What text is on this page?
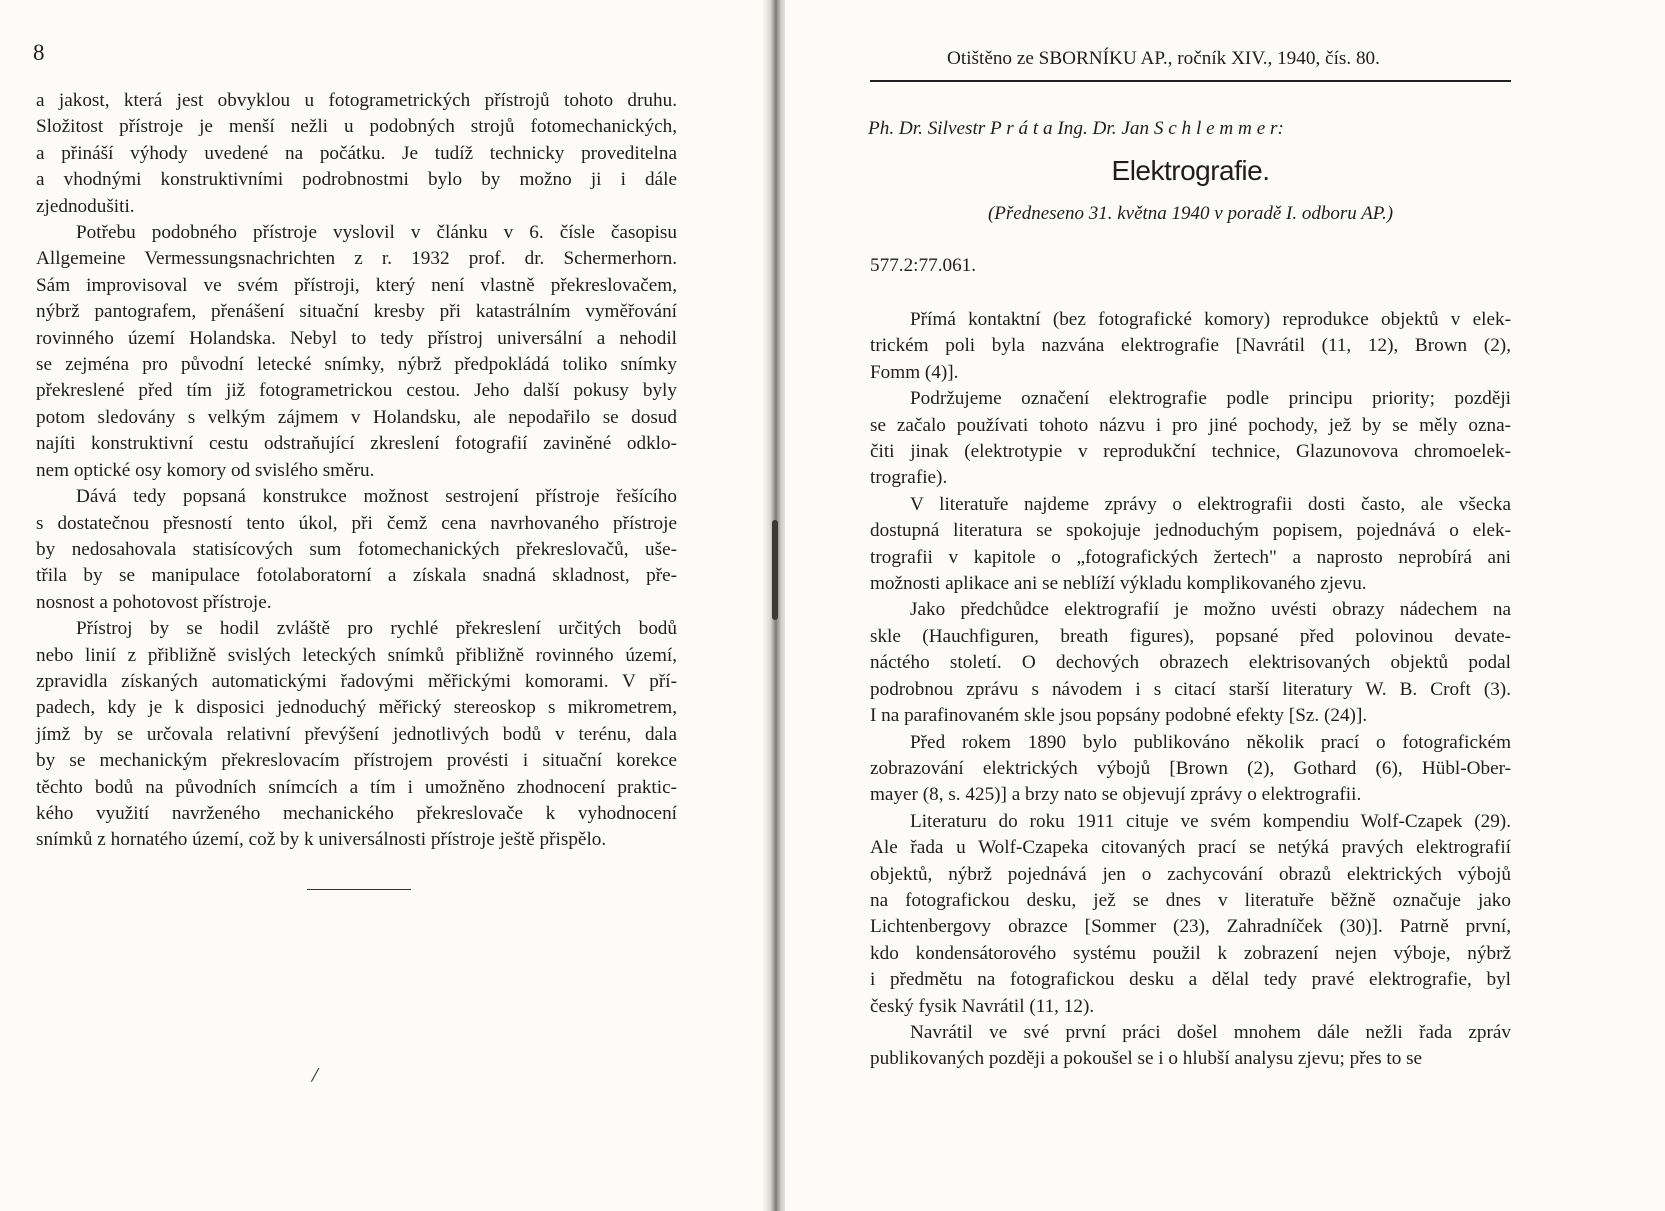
8
a jakost, která jest obvyklou u fotogrametrických přístrojů tohoto druhu.
Složitost přístroje je menší nežli u podobných strojů fotomechanických,
a přináší výhody uvedené na počátku. Je tudíž technicky proveditelna
a vhodnými konstruktivními podrobnostmi bylo by možno ji i dále
zjednodušiti.
Potřebu podobného přístroje vyslovil v článku v 6. čísle časopisu
Allgemeine Vermessungsnachrichten z r. 1932 prof. dr. Schermerhorn.
Sám improvisoval ve svém přístroji, který není vlastně překreslovačem,
nýbrž pantografem, přenášení situační kresby při katastrálním vyměřování
rovinného území Holandska. Nebyl to tedy přístroj universální a nehodil
se zejména pro původní letecké snímky, nýbrž předpokládá toliko snímky
překreslené před tím již fotogrametrickou cestou. Jeho další pokusy byly
potom sledovány s velkým zájmem v Holandsku, ale nepodařilo se dosud
najíti konstruktivní cestu odstraňující zkreslení fotografií zaviněné odklo-
nem optické osy komory od svislého směru.
Dává tedy popsaná konstrukce možnost sestrojení přístroje řešícího
s dostatečnou přesností tento úkol, při čemž cena navrhovaného přístroje
by nedosahovala statisícových sum fotomechanických překreslovačů, uše-
třila by se manipulace fotolaboratorní a získala snadná skladnost, pře-
nosnost a pohotovost přístroje.
Přístroj by se hodil zvláště pro rychlé překreslení určitých bodů
nebo linií z přibližně svislých leteckých snímků přibližně rovinného území,
zpravidla získaných automatickými řadovými měřickými komorami. V pří-
padech, kdy je k disposici jednoduchý měřický stereoskop s mikrometrem,
jímž by se určovala relativní převýšení jednotlivých bodů v terénu, dala
by se mechanickým překreslovacím přístrojem provésti i situační korekce
těchto bodů na původních snímcích a tím i umožněno zhodnocení praktic-
kého využití navrženého mechanického překreslovače k vyhodnocení
snímků z hornatého území, což by k universálnosti přístroje ještě přispělo.
/
Otištěno ze SBORNÍKU AP., ročník XIV., 1940, čís. 80.
Ph. Dr. Silvestr P r á t a Ing. Dr. Jan S c h l e m m e r:
Elektrografie.
(Předneseno 31. května 1940 v poradě I. odboru AP.)
577.2:77.061.
Přímá kontaktní (bez fotografické komory) reprodukce objektů v elek-
trickém poli byla nazvána elektrografie [Navrátil (11, 12), Brown (2),
Fomm (4)].
Podržujeme označení elektrografie podle principu priority; později
se začalo používati tohoto názvu i pro jiné pochody, jež by se měly ozna-
čiti jinak (elektrotypie v reprodukční technice, Glazunovova chromoelek-
trografie).
V literatuře najdeme zprávy o elektrografii dosti často, ale všecka
dostupná literatura se spokojuje jednoduchým popisem, pojednává o elek-
trografii v kapitole o „fotografických žertech" a naprosto neprobírá ani
možnosti aplikace ani se neblíží výkladu komplikovaného zjevu.
Jako předchůdce elektrografií je možno uvésti obrazy nádechem na
skle (Hauchfiguren, breath figures), popsané před polovinou devate-
náctého století. O dechových obrazech elektrisovaných objektů podal
podrobnou zprávu s návodem i s citací starší literatury W. B. Croft (3).
I na parafinovaném skle jsou popsány podobné efekty [Sz. (24)].
Před rokem 1890 bylo publikováno několik prací o fotografickém
zobrazování elektrických výbojů [Brown (2), Gothard (6), Hübl-Ober-
mayer (8, s. 425)] a brzy nato se objevují zprávy o elektrografii.
Literaturu do roku 1911 cituje ve svém kompendiu Wolf-Czapek (29).
Ale řada u Wolf-Czapeka citovaných prací se netýká pravých elektrografií
objektů, nýbrž pojednává jen o zachycování obrazů elektrických výbojů
na fotografickou desku, jež se dnes v literatuře běžně označuje jako
Lichtenbergovy obrazce [Sommer (23), Zahradníček (30)]. Patrně první,
kdo kondensátorového systému použil k zobrazení nejen výboje, nýbrž
i předmětu na fotografickou desku a dělal tedy pravé elektrografie, byl
český fysik Navrátil (11, 12).
Navrátil ve své první práci došel mnohem dále nežli řada zpráv
publikovaných později a pokoušel se i o hlubší analysu zjevu; přes to se
